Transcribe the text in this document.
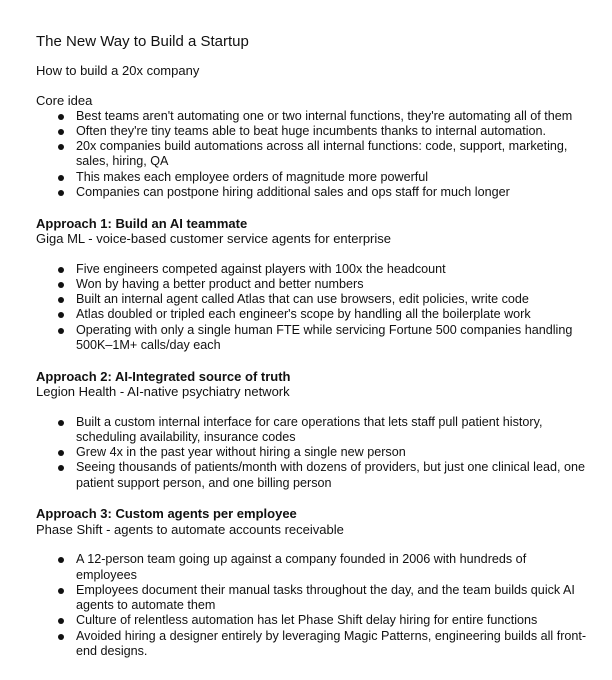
The New Way to Build a Startup

How to build a 20x company

Core idea

Best teams aren't automating one or two internal functions, they're automating all of them
Often they're tiny teams able to beat huge incumbents thanks to internal automation.
20x companies build automations across all internal functions: code, support, marketing, sales, hiring, QA
This makes each employee orders of magnitude more powerful
Companies can postpone hiring additional sales and ops staff for much longer

Approach 1: Build an AI teammate

Giga ML - voice-based customer service agents for enterprise

Five engineers competed against players with 100x the headcount
Won by having a better product and better numbers
Built an internal agent called Atlas that can use browsers, edit policies, write code
Atlas doubled or tripled each engineer's scope by handling all the boilerplate work
Operating with only a single human FTE while servicing Fortune 500 companies handling 500K–1M+ calls/day each

Approach 2: AI-Integrated source of truth

Legion Health - AI-native psychiatry network

Built a custom internal interface for care operations that lets staff pull patient history, scheduling availability, insurance codes
Grew 4x in the past year without hiring a single new person
Seeing thousands of patients/month with dozens of providers, but just one clinical lead, one patient support person, and one billing person

Approach 3: Custom agents per employee

Phase Shift - agents to automate accounts receivable

A 12-person team going up against a company founded in 2006 with hundreds of employees
Employees document their manual tasks throughout the day, and the team builds quick AI agents to automate them
Culture of relentless automation has let Phase Shift delay hiring for entire functions
Avoided hiring a designer entirely by leveraging Magic Patterns, engineering builds all front-end designs.
